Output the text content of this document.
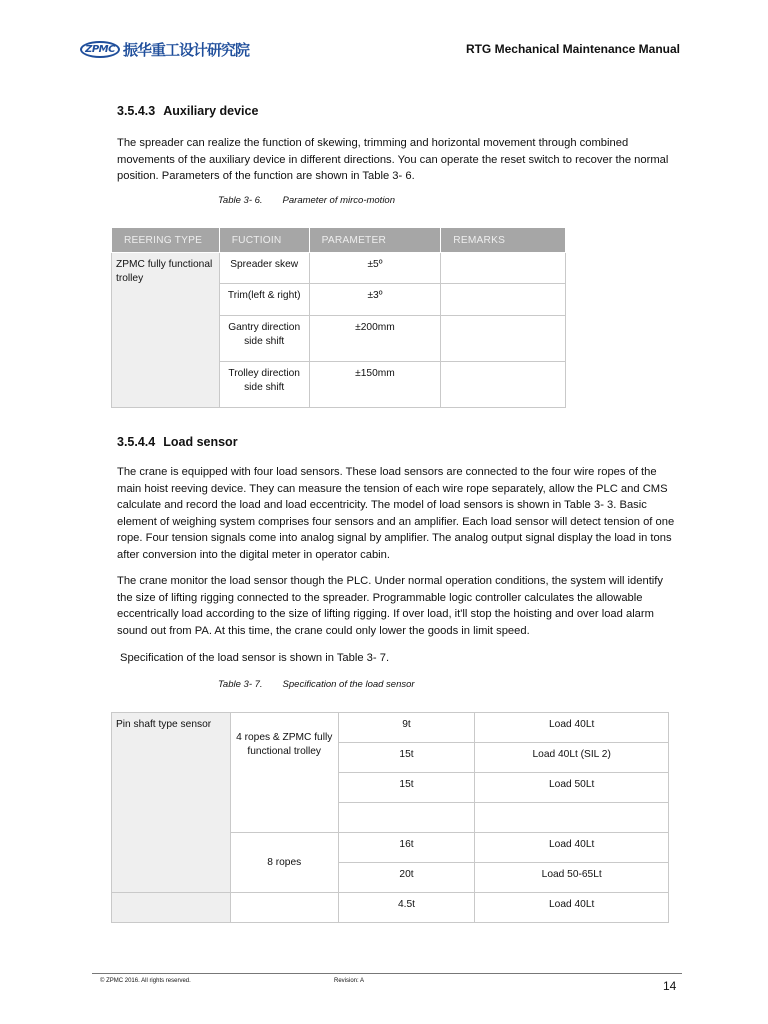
ZPMC 振华重工设计研究院	RTG Mechanical Maintenance Manual
3.5.4.3 Auxiliary device

The spreader can realize the function of skewing, trimming and horizontal movement through combined movements of the auxiliary device in different directions. You can operate the reset switch to recover the normal position. Parameters of the function are shown in Table 3- 6.

Table 3- 6. Parameter of mirco-motion
REERING TYPE	FUCTIOIN	PARAMETER	REMARKS
ZPMC fully functional trolley	Spreader skew	±5º	
	Trim(left & right)	±3º	
	Gantry direction side shift	±200mm	
	Trolley direction side shift	±150mm	
3.5.4.4 Load sensor

The crane is equipped with four load sensors. These load sensors are connected to the four wire ropes of the main hoist reeving device. They can measure the tension of each wire rope separately, allow the PLC and CMS calculate and record the load and load eccentricity. The model of load sensors is shown in Table 3- 3. Basic element of weighing system comprises four sensors and an amplifier. Each load sensor will detect tension of one rope. Four tension signals come into analog signal by amplifier. The analog output signal display the load in tons after conversion into the digital meter in operator cabin.

The crane monitor the load sensor though the PLC. Under normal operation conditions, the system will identify the size of lifting rigging connected to the spreader. Programmable logic controller calculates the allowable eccentrically load according to the size of lifting rigging. If over load, it'll stop the hoisting and over load alarm sound out from PA. At this time, the crane could only lower the goods in limit speed.

Specification of the load sensor is shown in Table 3- 7.

Table 3- 7. Specification of the load sensor
Pin shaft type sensor	4 ropes & ZPMC fully functional trolley	9t	Load 40Lt
		15t	Load 40Lt (SIL 2)
		15t	Load 50Lt

	8 ropes	16t	Load 40Lt
		20t	Load 50-65Lt
		4.5t	Load 40Lt
© ZPMC 2016. All rights reserved.	Revision: A	14
